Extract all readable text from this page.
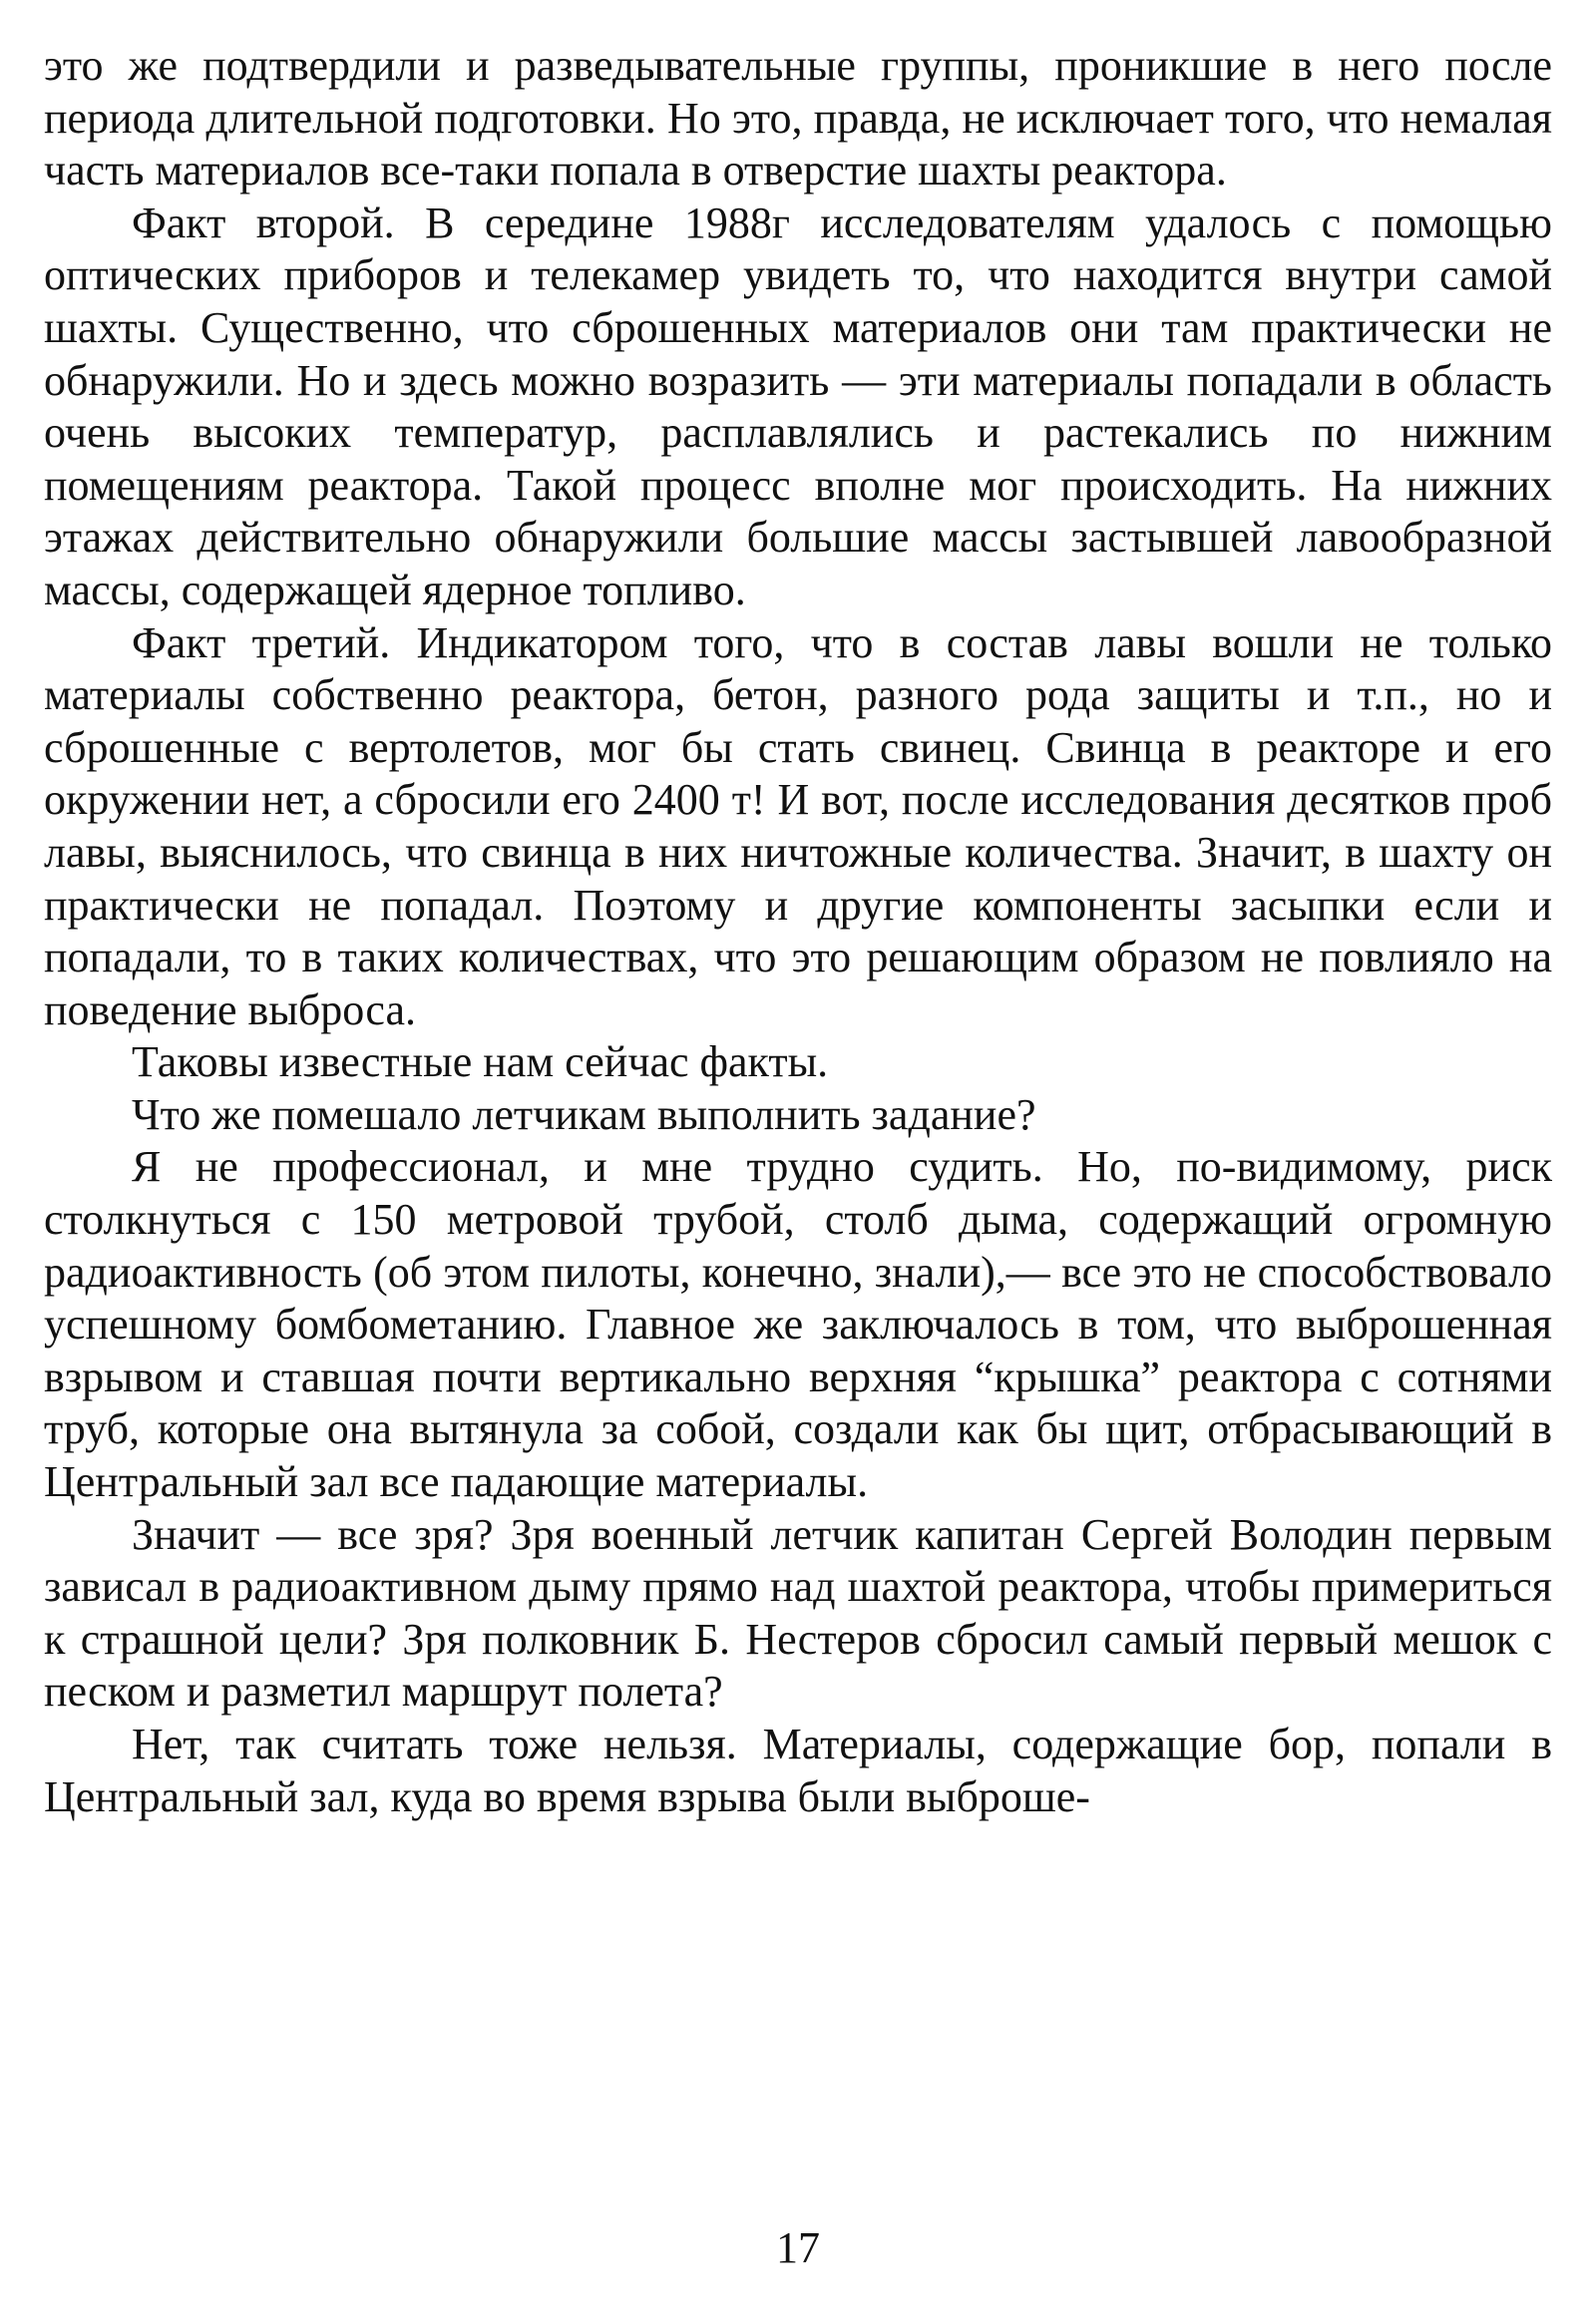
это же подтвердили и разведывательные группы, проникшие в него после периода длительной подготовки. Но это, правда, не исключает того, что немалая часть материалов все-таки попала в отверстие шахты реактора.

Факт второй. В середине 1988г исследователям удалось с помощью оптических приборов и телекамер увидеть то, что находится внутри самой шахты. Существенно, что сброшенных материалов они там практически не обнаружили. Но и здесь можно возразить — эти материалы попадали в область очень высоких температур, расплавлялись и растекались по нижним помещениям реактора. Такой процесс вполне мог происходить. На нижних этажах действительно обнаружили большие массы застывшей лавообразной массы, содержащей ядерное топливо.

Факт третий. Индикатором того, что в состав лавы вошли не только материалы собственно реактора, бетон, разного рода защиты и т.п., но и сброшенные с вертолетов, мог бы стать свинец. Свинца в реакторе и его окружении нет, а сбросили его 2400 т! И вот, после исследования десятков проб лавы, выяснилось, что свинца в них ничтожные количества. Значит, в шахту он практически не попадал. Поэтому и другие компоненты засыпки если и попадали, то в таких количествах, что это решающим образом не повлияло на поведение выброса.

Таковы известные нам сейчас факты.

Что же помешало летчикам выполнить задание?

Я не профессионал, и мне трудно судить. Но, по-видимому, риск столкнуться с 150 метровой трубой, столб дыма, содержащий огромную радиоактивность (об этом пилоты, конечно, знали),— все это не способствовало успешному бомбометанию. Главное же заключалось в том, что выброшенная взрывом и ставшая почти вертикально верхняя “крышка” реактора с сотнями труб, которые она вытянула за собой, создали как бы щит, отбрасывающий в Центральный зал все падающие материалы.

Значит — все зря? Зря военный летчик капитан Сергей Володин первым зависал в радиоактивном дыму прямо над шахтой реактора, чтобы примериться к страшной цели? Зря полковник Б. Нестеров сбросил самый первый мешок с песком и разметил маршрут полета?

Нет, так считать тоже нельзя. Материалы, содержащие бор, попали в Центральный зал, куда во время взрыва были выброше-

17
